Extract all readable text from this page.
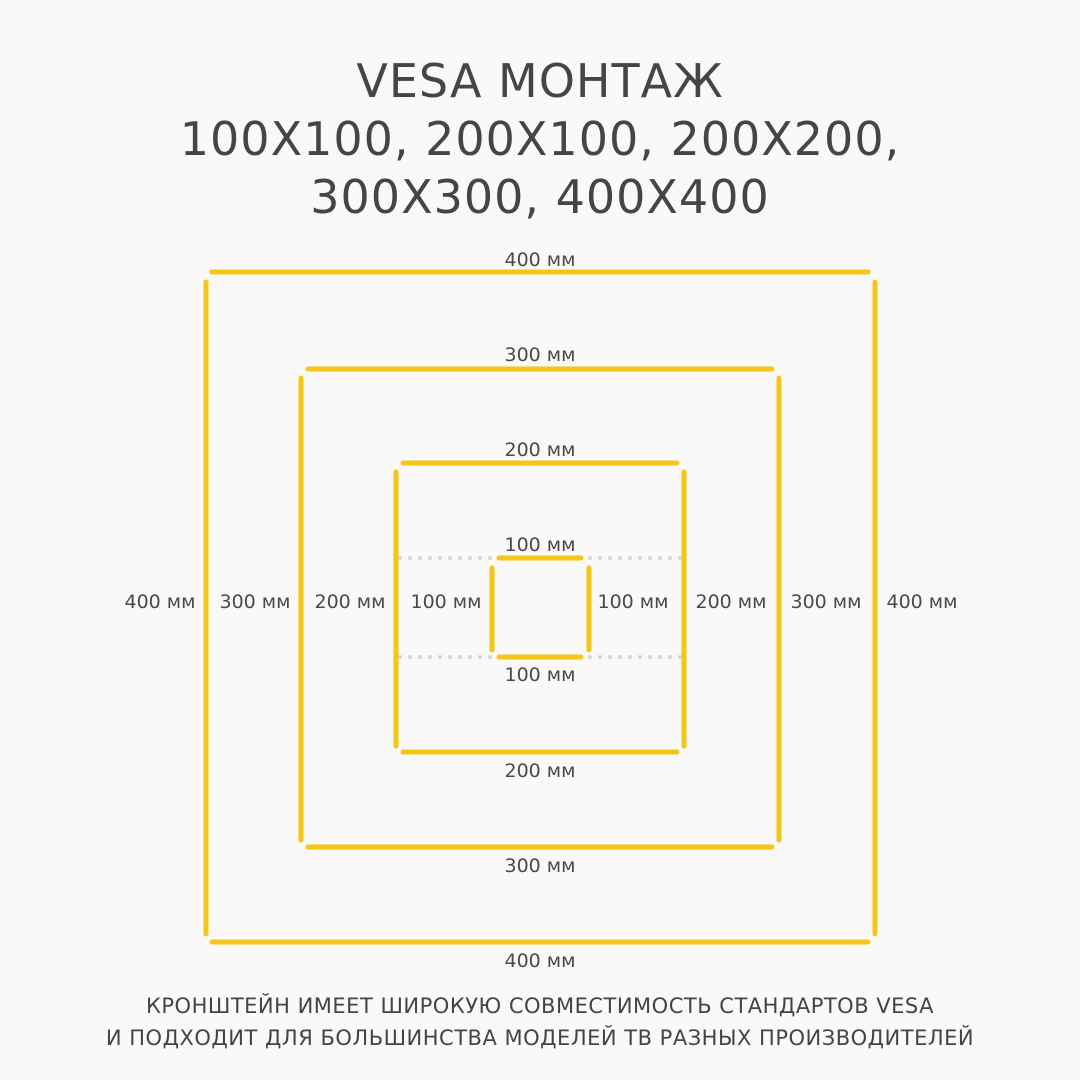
VESA МОНТАЖ
100X100, 200X100, 200X200,
300X300, 400X400
400 мм
400 мм
400 мм	400 мм
300 мм
300 мм
300 мм	300 мм
200 мм
200 мм
200 мм	200 мм
100 мм
100 мм
100 мм	100 мм
КРОНШТЕЙН ИМЕЕТ ШИРОКУЮ СОВМЕСТИМОСТЬ СТАНДАРТОВ VESA
И ПОДХОДИТ ДЛЯ БОЛЬШИНСТВА МОДЕЛЕЙ ТВ РАЗНЫХ ПРОИЗВОДИТЕЛЕЙ
